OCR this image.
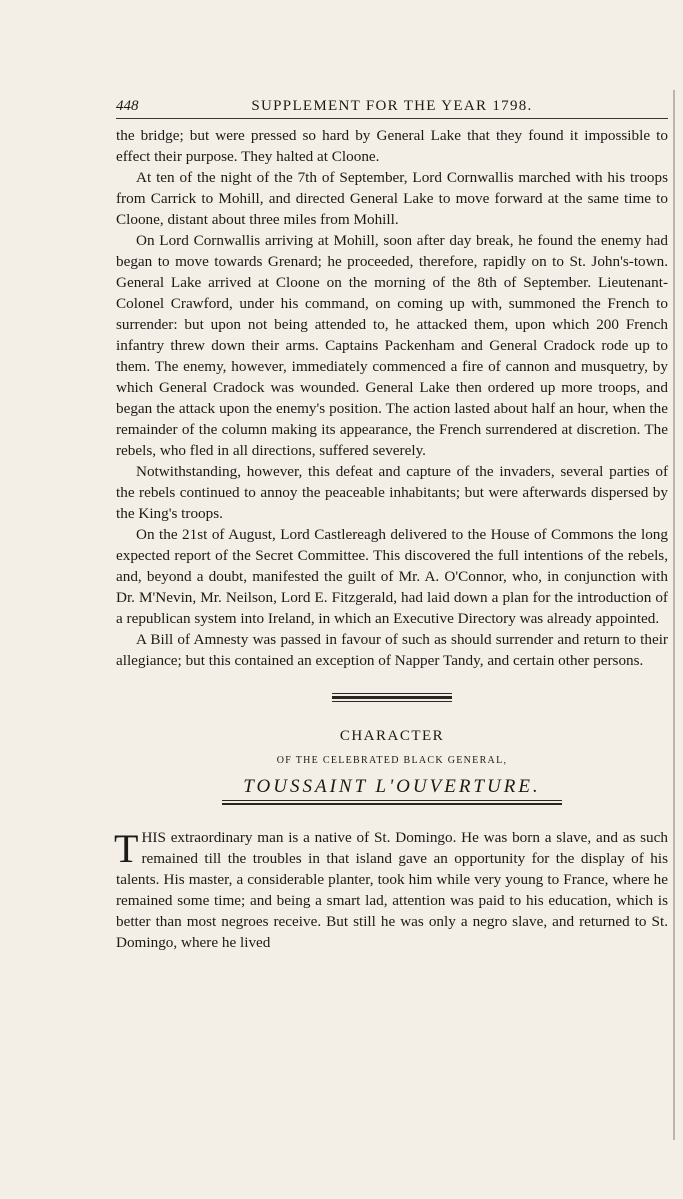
448	SUPPLEMENT FOR THE YEAR 1798.

the bridge; but were pressed so hard by General Lake that they found it impossible to effect their purpose. They halted at Cloone.

At ten of the night of the 7th of September, Lord Cornwallis marched with his troops from Carrick to Mohill, and directed General Lake to move forward at the same time to Cloone, distant about three miles from Mohill.

On Lord Cornwallis arriving at Mohill, soon after day break, he found the enemy had began to move towards Grenard; he proceeded, therefore, rapidly on to St. John's-town. General Lake arrived at Cloone on the morning of the 8th of September. Lieutenant-Colonel Crawford, under his command, on coming up with, summoned the French to surrender: but upon not being attended to, he attacked them, upon which 200 French infantry threw down their arms. Captains Packenham and General Cradock rode up to them. The enemy, however, immediately commenced a fire of cannon and musquetry, by which General Cradock was wounded. General Lake then ordered up more troops, and began the attack upon the enemy's position. The action lasted about half an hour, when the remainder of the column making its appearance, the French surrendered at discretion. The rebels, who fled in all directions, suffered severely.

Notwithstanding, however, this defeat and capture of the invaders, several parties of the rebels continued to annoy the peaceable inhabitants; but were afterwards dispersed by the King's troops.

On the 21st of August, Lord Castlereagh delivered to the House of Commons the long expected report of the Secret Committee. This discovered the full intentions of the rebels, and, beyond a doubt, manifested the guilt of Mr. A. O'Connor, who, in conjunction with Dr. M'Nevin, Mr. Neilson, Lord E. Fitzgerald, had laid down a plan for the introduction of a republican system into Ireland, in which an Executive Directory was already appointed.

A Bill of Amnesty was passed in favour of such as should surrender and return to their allegiance; but this contained an exception of Napper Tandy, and certain other persons.

CHARACTER
OF THE CELEBRATED BLACK GENERAL,
TOUSSAINT L'OUVERTURE.

THIS extraordinary man is a native of St. Domingo. He was born a slave, and as such remained till the troubles in that island gave an opportunity for the display of his talents. His master, a considerable planter, took him while very young to France, where he remained some time; and being a smart lad, attention was paid to his education, which is better than most negroes receive. But still he was only a negro slave, and returned to St. Domingo, where he lived
